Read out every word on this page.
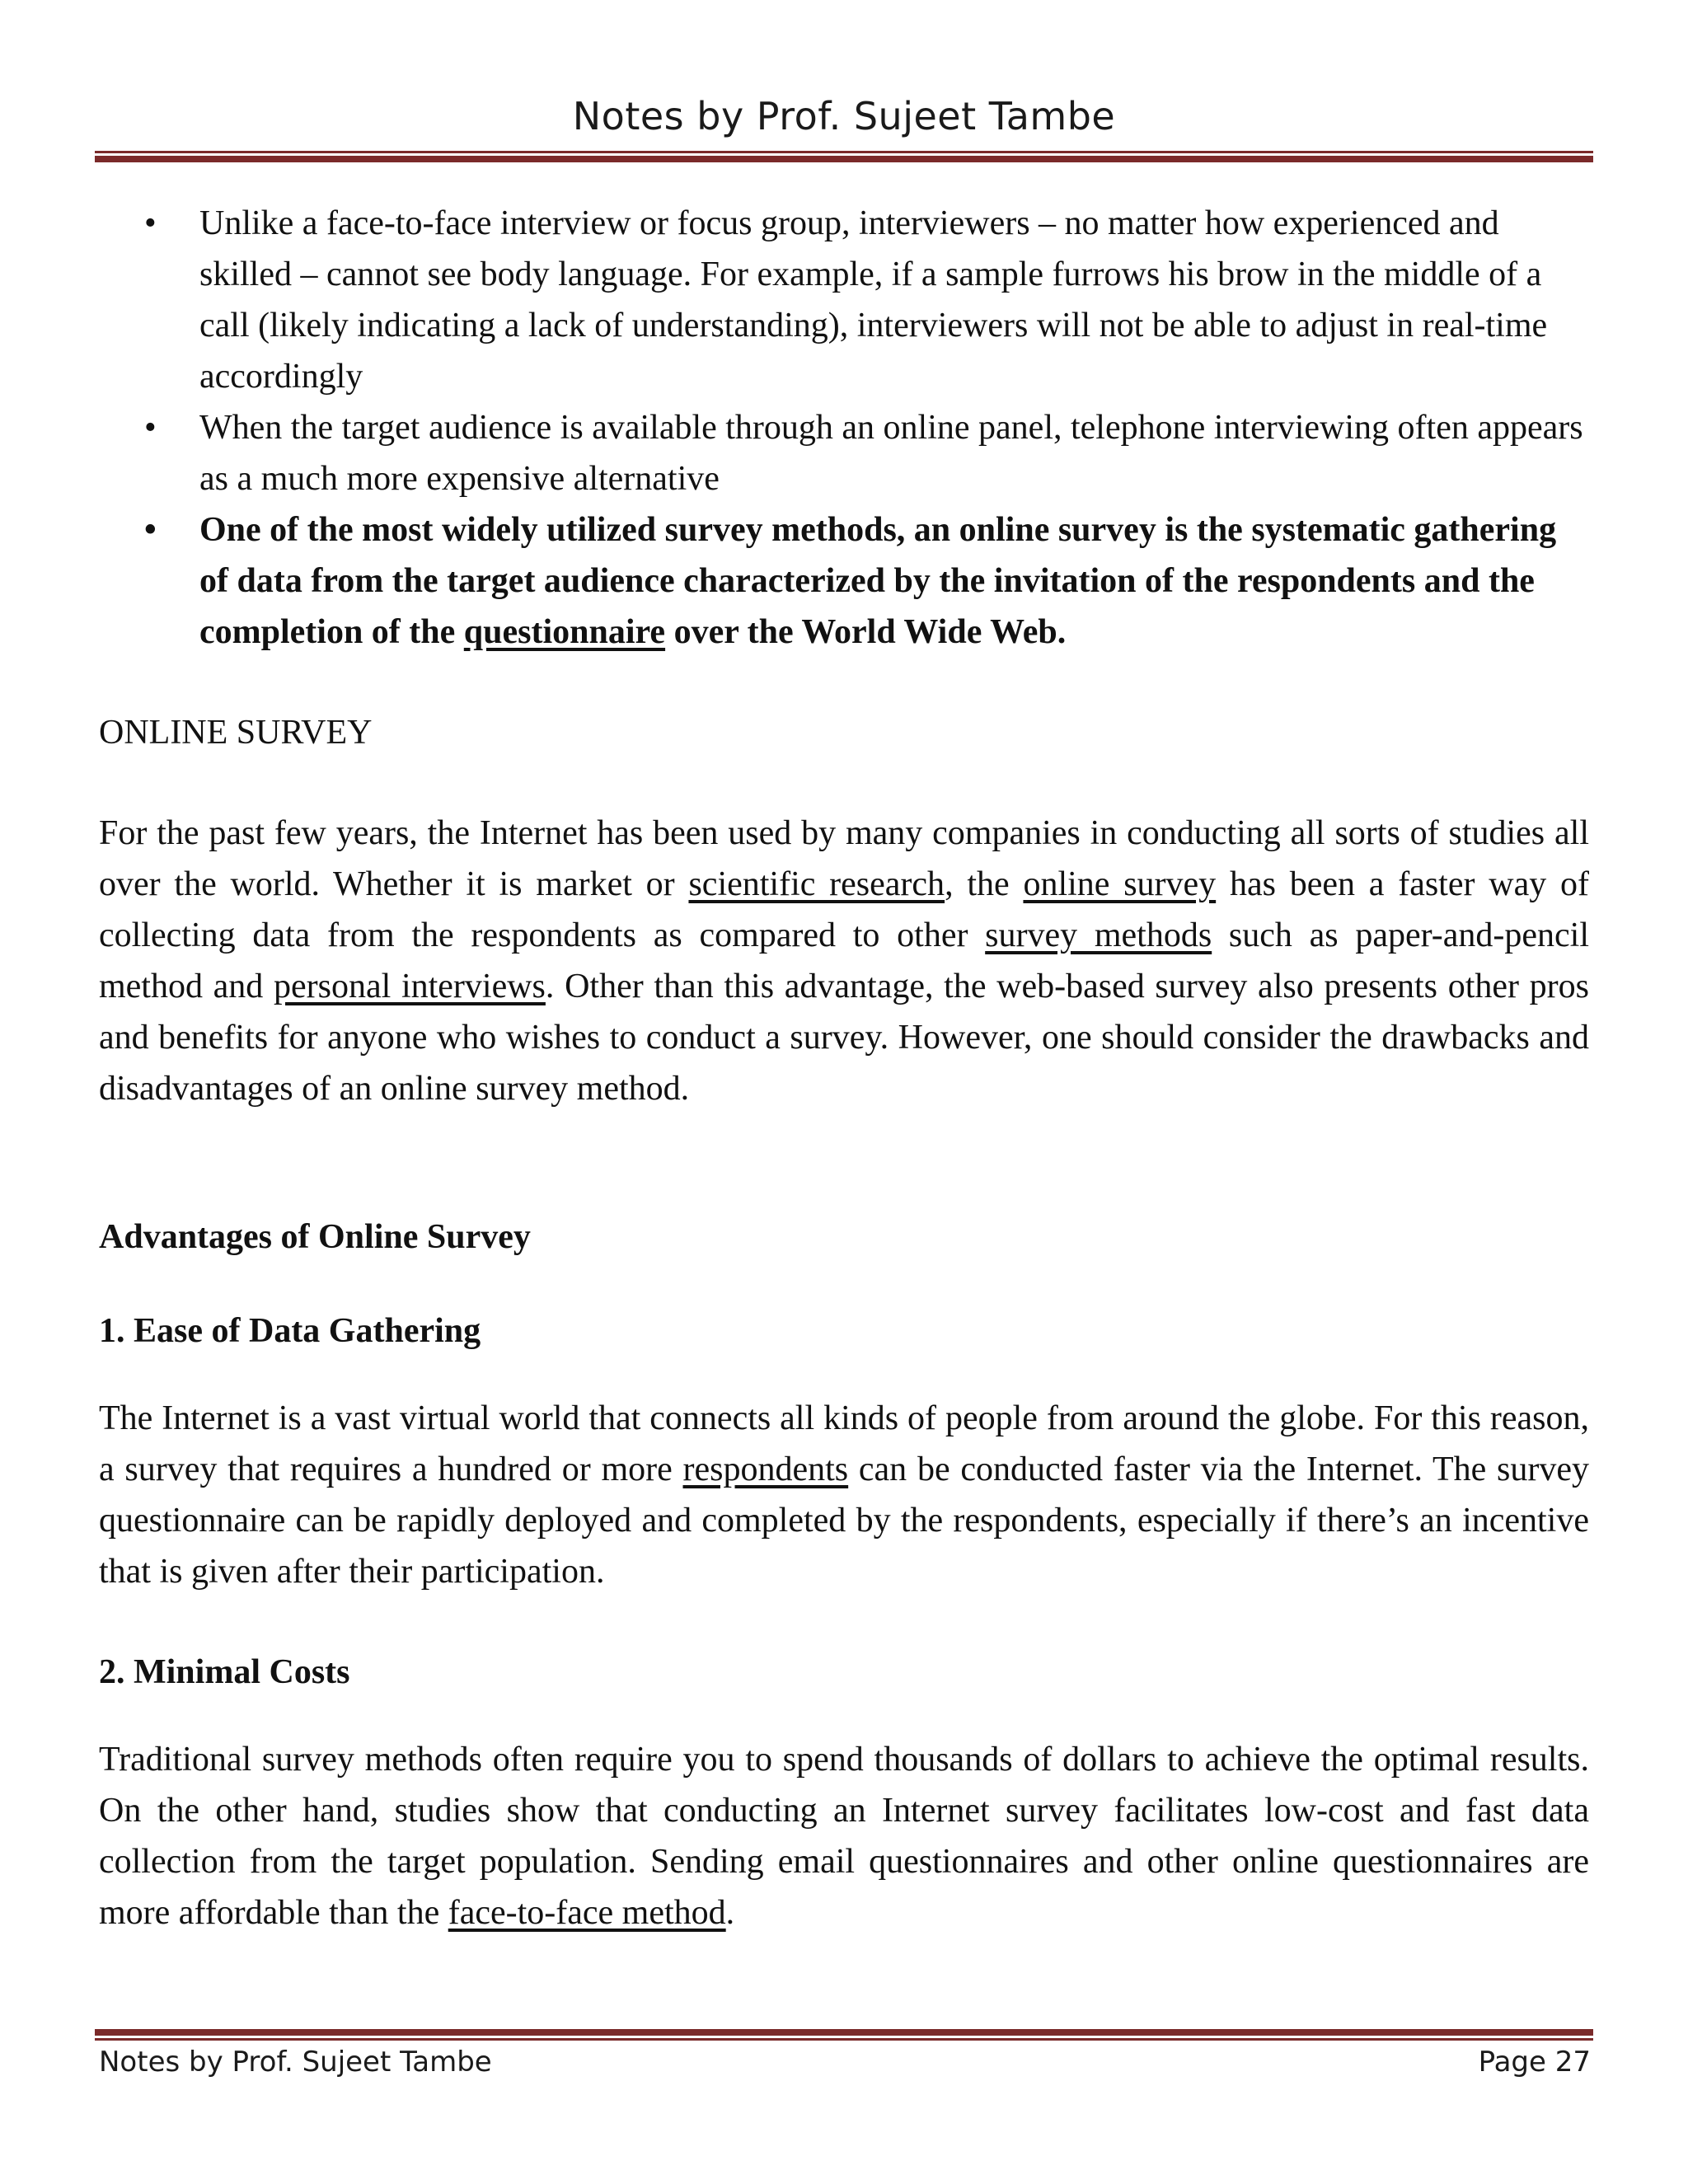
Notes by Prof. Sujeet Tambe
• Unlike a face-to-face interview or focus group, interviewers – no matter how experienced and skilled – cannot see body language. For example, if a sample furrows his brow in the middle of a call (likely indicating a lack of understanding), interviewers will not be able to adjust in real-time accordingly
• When the target audience is available through an online panel, telephone interviewing often appears as a much more expensive alternative
• One of the most widely utilized survey methods, an online survey is the systematic gathering of data from the target audience characterized by the invitation of the respondents and the completion of the questionnaire over the World Wide Web.

ONLINE SURVEY

For the past few years, the Internet has been used by many companies in conducting all sorts of studies all over the world. Whether it is market or scientific research, the online survey has been a faster way of collecting data from the respondents as compared to other survey methods such as paper-and-pencil method and personal interviews. Other than this advantage, the web-based survey also presents other pros and benefits for anyone who wishes to conduct a survey. However, one should consider the drawbacks and disadvantages of an online survey method.

Advantages of Online Survey

1. Ease of Data Gathering

The Internet is a vast virtual world that connects all kinds of people from around the globe. For this reason, a survey that requires a hundred or more respondents can be conducted faster via the Internet. The survey questionnaire can be rapidly deployed and completed by the respondents, especially if there’s an incentive that is given after their participation.

2. Minimal Costs

Traditional survey methods often require you to spend thousands of dollars to achieve the optimal results. On the other hand, studies show that conducting an Internet survey facilitates low-cost and fast data collection from the target population. Sending email questionnaires and other online questionnaires are more affordable than the face-to-face method.

Notes by Prof. Sujeet Tambe	Page 27
